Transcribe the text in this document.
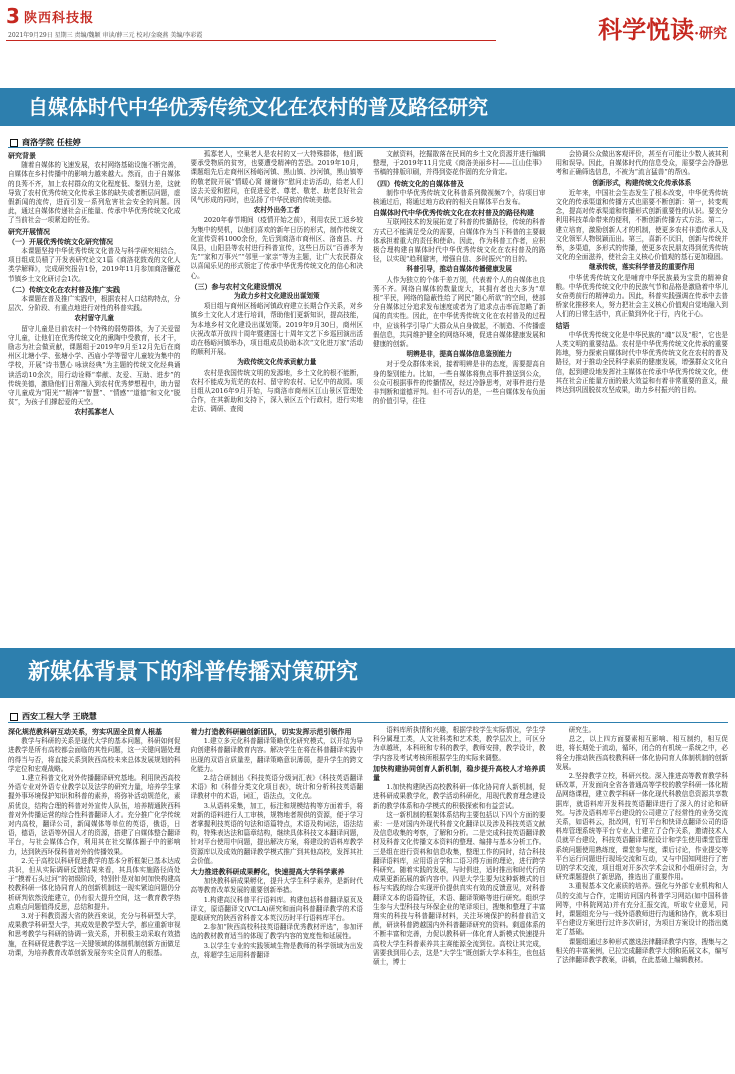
3 陕西科技报
2021年9月29日 星期三 责编/魏颖 审读/薛三元 校对/金晓燕 美编/李彩霞	科学悦读·研究
自媒体时代中华优秀传统文化在农村的普及路径研究
商洛学院 任桂婷

研究背景

随着自媒体的飞速发展，农村网络基础设施不断完善，自媒体在乡村传播中的影响力越来越大。然而，由于自媒体的良莠不齐，加上农村群众的文化程度低、鉴别力差，这就导致了农村优秀传统文化传承主体的缺失或者断层问题，虚假新闻的流传，进而引发一系列危害社会安全的问题。因此，通过自媒体传递社会正能量、传承中华优秀传统文化成了当前社会一项紧迫的任务。

研究开展情况

（一）开展优秀传统文化研究情况

本课题坚持中华优秀传统文化普及与科学研究相结合，项目组成员積了开发表研究论文1篇《商洛花鼓戏的文化人类学解释》，完成研究报告1份，2019年11月参加商洛镰花节镇乡土文化研讨会1次。

（二）传统文化在农村普及推广实践

本课题在普及推广实践中，根据农村人口结构特点，分层次、分阶段、有重点地进行对性的科普实践。

农村留守儿童

留守儿童是目前农村一个特殊的弱势群体，为了关爱留守儿童，让他们在优秀传统文化的熏陶中受教育，长才干，励志为社会做贡献，课题组于2019年9月至12月先后在商州区北塘小学、张塘小学、西庙小学等留守儿童较为集中的学校，开展“诗书慧心 咏读经典”为主题的传统文化经典诵读活动10余次，用行动诠释“奉献、友爱、互助、进步”的传统美德，激励他们日常融入到农村优秀梦想程中，助力留守儿童成为“阳光”“精神”“智慧”、“情感”“道德”和文化“脱贫”，为孩子们撑起爱的天空。

农村孤寡老人

孤寡老人，空巢老人是农村的又一大特殊群体，他们既要承受物质的贫穷，也要遭受精神的苦恐。2019年10月，课题组先后走商州区杨峪河镇、黑山镇、沙河镇，黑山镇等的敬老院开展“情暖心窝 谢谢你”慰问走访活动，给老人们送去关爱和慰问，在促进爱老、尊老、敬老、助老良好社会风气形成的同时，也弘扬了中华民族的传统美德。

农村外出务工者

2020年春节期间（疫情开始之前），利用农民工返乡较为集中的契机，以他们喜欢的新年日历的形式，制作传统文化宣传资料1000余份，先后到商洛市商州区、洛南县、丹凤县，山阳县等农村进行科普宣传，这些日历以“百善孝为先”“家和万事兴”“邻里一家亲”等为主题，让广大农民群众以喜闻乐见的形式领定了传承中华优秀传统文化的信心和决心。

（三）参与农村文化建设情况

为政力乡村文化建设出谋划策

项目组与商州区杨峪河镇政府建立长期合作关系，对乡镇乡土文化人才进行培训，帮助他们更新知识，提高技能，为本地乡村文化建设出谋划策。2019年9月30日，商州区庆祝改革开放四十周年暨建国七十周年文艺下乡巡回演出活动在杨峪河镇举办，项目组成员协助本次“文化进万家”活动的顺利开展。

为政传统文化传承贡献力量

农村是我国传统文明的发源地，乡土文化的根不能断，农村不能成为荒芜的农村、留守的农村、记忆中的故园。项目组从2016年9月开始，与商洛市商州区江山景区管理处合作，在其新助和支持下，深入景区五个行政村，进行实地走访、调研、查阅

文献资料，挖掘散落在民间的乡土文化资源并进行编辑整理，于2019年11月完成《商洛美丽乡村——江山佳事》书稿的排版印刷，并得到姿花作固的充分肯定。

（四）传统文化的自媒体普及

制作中华优秀传统文化科普系列微视频7个，待项目审核通过后，将通过地方政府的相关自媒体平台发布。

自媒体时代中华优秀传统文化在农村普及的路径构建

互联网技术的发展拓宽了科普的传播路径，传统的科普方式已不能满足受众的需要，自媒体作为当下科普的主要载体承担着重大的责任和使命。因此，作为科普工作者，应积极合理构建自媒体时代中华优秀传统文化在农村普及的路径，以实现“趋利避害，增强自信、多时振兴”的目的。

科普引导，推动自媒体传播健康发展

人作为独立的个体千差万别，代表着个人的自媒体也良莠不齐。网络自媒体的数量庞大，其拥有者也大多为“草根”平民，网络的隐蔽性给了网民“随心所欲”的空间，使部分自媒体过分追求发布速度或者为了追求点击率而忽略了新闻的真实性。因此，在中华优秀传统文化在农村普及的过程中，应该科学引导广大群众从自身做起，不制造、不传播虚假信息，共同维护健全的网络环境，促进自媒体健康发展和健康的创新。

明辨是非，提高自媒体信息鉴别能力

对于受众群体来说，接着明辨是非的态度，需要提高自身的鉴别能力。比如，一些自媒体将焦点事件推送到公众，公众可根据事件的传播情况，经过冷静思考，对事件进行是非判断和道德评判。但不可否认的是，一些自媒体发布负面的价值引导，往往

会协调公众做出客观评价，甚至有可能让少数人被其利用和误导。因此，自媒体时代的信息受众，需要学会冷静思考和正确筛选信息，不被为“流言猛兽”的帮凶。

创新形式，构建传统文化传承体系

近年来，中国社会生态发生了根本改变，中华优秀传统文化的传承渠道和传播方式也需要不断创新：第一，转变观念，提高对传承渠道和传播形式创新重要性的认识。要充分利用科技革命带来的便利，不断创新传播方式方法。第二，建立培育，激励创新人才的机制，使更多农村非遗传承人及文化领军人物锐颖而出。第三，喜新不厌旧，创新与传统并举，多渠道，多形式的传播，使更多农民朋友得到优秀传统文化的全面滋养，使社会主义核心价值观的基石更加稳固。

继承传统，落实科学普及的重要作用

中华优秀传统文化是哺育中华民族最为宝贵的精神食粮。中华优秀传统文化中的民族气节和品格是激励着中华儿女奋勇前行的精神动力。因此，科普实践强调在传承中去普桥家化推移来人，努力把社会主义核心价值观自觉地融入到人们的日常生活中，真正做到外化于行，内化于心。

结语

中华优秀传统文化是中华民族的“魂”以及“根”，它也是人类文明的重要结晶。农村是中华优秀传统文化传承的重要阵地，努力探索自媒体时代中华优秀传统文化在农村的普及路径，对于推动全民科学素质的健康发展，增强群众文化自信，起到建设地发挥社主媒体在传承中华优秀传统文化，使其在社会正能量方面的最大效益和有着非常重要的意义，最终达到巩固脱贫攻坚成果，助力乡村振兴的目的。

新媒体背景下的科普传播对策研究
西安工程大学 王晓慧

深化规范教科研互动关系，穷实巩固全员育人根基

教学与科研的关系是现代大学的基本问题，科研如何促进教学是所有高校都会面临的其性问题，这一关键问题处理的得当与否，将直接关系到陕西高校未来总体发展规划的科学定位和宏观战略。

1.建立科普文化对外传播翻译研究基地。利用陕西高校外语专业对外语专业教学以及法学的研究力量，培养学生掌握外事环境保护知识和科普的素养，将弥补活动规范化，素质优良，结构合理的科普对外宣传人队伍，培养精通陕西科普对外传播运营的综合性科普翻译人才。充分推广化学传统对内高校，翻译公司，新闻媒体等单位的英语，俄语，日语，德语，法语等外国人才的资源，搭建了自媒体整合翻译平台，与社会媒体合作，利用其在社交媒体圈子中的影响力，达到陕西环保科普对外的传播效果。

2.关于高校以科研促进教学的基本分析框架已基本达成共识，但从实际调研反馈结果来看，其具体实施路径尚处于“摸着石头过河”的初级阶段，特别针是对如何加快构建高校教科研一体化协同育人的创新机制这一现实紧迫问题仍分析研判依然没能建立，仍有很大提升空间，这一教育教学热点难点问题值得反思，总结和提升。

3.对于科教资源大省的陕西来说，充分与科研型大学，成果教学科研型大学，其成效是教学型大学，都应重新审视和思考教学与科研的协调一致关系，并积极主动采取有效措施，在科研促进教学这一关键领域的体制机制创新方面做足功课，为培养教育改革创新发展夯实全员育人的根基。

着力打造教科研融创新团队，切实发挥示范引领作用

1.建立多元化科普翻译策略优化研究模式，以开结为导向创建科普翻译教育内容。解决学生在将在科普翻译实践中出现的双语言质量差，翻译策略意识薄弱，提升学生的跨文化能力。

2.结合研制出《科技英语分级词汇表》《科技英语翻译术语》和《科普分类文化项目表》，统计和分析科技英语翻译教材中的术语，词汇，语法点，文化点。

3.从语料采集，加工，标注和规模结构等方面着手，将对新的语料进行人工审核，规物地者规供的资源，便于学习者掌握利技英语的句法和语篇特点，术语及构词法，语法结构，特殊表达法和篇章结构，继续具体科技文本翻译问题，针对平台使用中问题，提出解决方案，将建设的语料库教学资源库以及成效的翻译教学模式推广到其他高校，发挥其社会价值。

大力推进教科研成果孵化，快速提高大学科学素养

加快教科研成果孵化，提升大学生科学素养，是新时代高等教育改革发展的重要创新举措。

1.构建高汉科普平行语料库。构建包括科普翻译原页及译文，原语翻译文(VCLA)研究和面向科普翻译教学的术语提取研究的陕西省科普文本英汉历时平行语料库平台。

2.参加“陕西高校科技英语翻译优秀教材评选”，参加评选的教材教育适当的体现了教学内容的宽度性和延展性。

3.以学生专业的实践领域生物是教师的科学领域为出发点，将超学生运用科普翻译

语料库所执情和兴趣，根据学校学生实际情况，学生学科分属理工类，人文社科类和艺术类，教学层次上，可区分为卓越班，本科班和专科的教学，教师安排，教学设计，教学内容及考试考核所根据学生的实际来调整。

加快构建协同创育人新机制，稳步提升高校人才培养质量

1.加快构建陕西高校教科研一体化协同育人新机制，促进科研成果教学化，教学活动科研化，用现代教育理念建设新的教学体系和办学模式的积极探索和有益尝试。

这一新机制的框架体系结构主要包括以下四个方面的要素：一是对国内外现代科普文化翻译以及涉及科技英语文献及信息收集的考察，了解和分析。二是完成科技英语翻译教材及科普文化传播文本资料的整理、编排与基本分析工作。三是组在进行资料和信息收集，整理工作的同时，结合科技翻译语料库，应用语言学和二语习得方面的理论，进行跨学科研究。随着实践的发展，与时俱进，适时推出和时代行的成果更新拓展的新内容中。四是大学生要为这种新模式的目标与实践的综合实现评价提供真实有效的反馈意见，对科普翻译文本的语篇特征，术语、翻译策略等进行研究。组织学生参与大型科技与环保企业的笔译项目，搜集和整理了丰富翔实的科技与科普翻译材料，关注环境保护的科普前沿文献，研读科普跨越国内外科普翻译研究的资料。剩遥体系的不断丰富和完善，力促以教科研一体化育人新模式快速提升高校大学生科普素养共主赛能源全流到位。高校让其完成，需要我到用心去，这是“大学生”既创新大学本科生，也包括硕士，博士

研究生。

总之，以上四方面要素相互影响、相互制约，相互促进，将长期处于流动，循环，闭合的有机统一系统之中，必将全力推动陕西高校教科研一体化协同育人体制机制的创新发展。

2.坚持教学立校，科研兴校。深入推进高等教育教学科研改革，开发面向全省各普通高等学校的教学科研一体化精品网络课程，建立教学科研一体化现代科教信息资源共享数据库，就语料库开发科技英语翻译进行了深入的讨论和研究。与涉及语料库平台建设的公司建立了经常性的业务交流关系，如语料云，批改网，钉钉平台和快译点翻译公司的语料库管理系统等平台专业人士建立了合作关系，邀请技术人员就平台建设，科技英语翻译课程设计和学生使用课堂管理系统问题使用熟练度，课堂参与度，课后讨论，作业提交等平台运行问题进行现场交流和互动，又与中国知网进行了密切的学术交流，项目组对开多次学术会议和小组研讨会，为研究课题提供了新思路，推选出了重要作用。

3.重视基本文化素质的培养。强化与外部专业机构和人员的交流与合作，定期访问国内科普学习网站(如中国科普网等，中科院网站)并有充分汇报交流，听取专业意见，同时，课题组充分与一线外语教师进行沟通和协作，就本项目平台建设方案进行过许多次研讨，为项目方案设计的指出奠定了基础。

课题组通过多种形式邀选法律翻译教学内容，搜集与之相关的丰富案例，已拉完成翻译教学大纲和拓展文本，编写了法律翻译教学教案，讲稿，在此基础上编辑教材。
